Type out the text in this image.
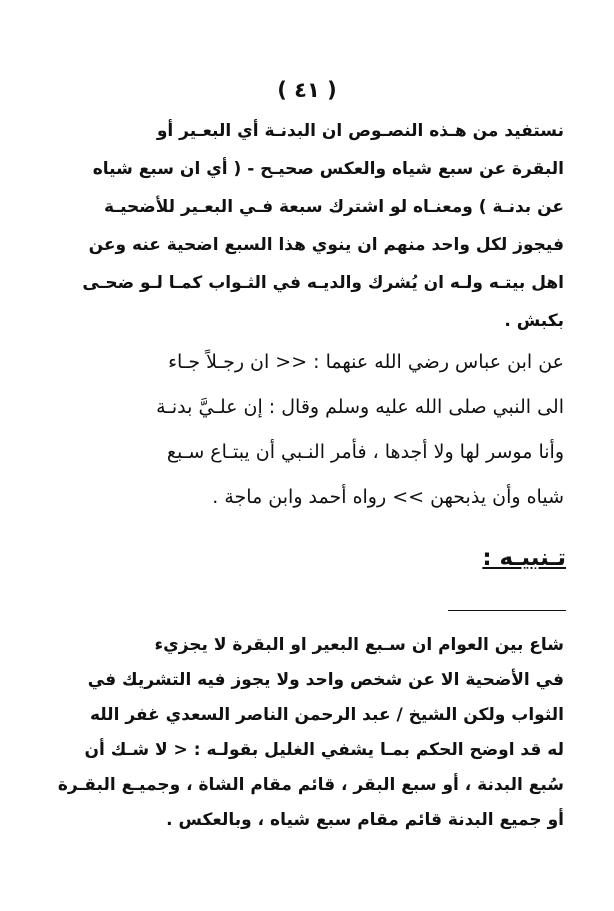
( ٤١ )
نستفيد من هـذه النصـوص ان البدنـة أي البعـير أو
البقرة عن سبع شياه والعكس صحيـح - ( أي ان سبع شياه
عن بدنـة ) ومعنـاه لو اشترك سبعة فـي البعـير للأضحيـة
فيجوز لكل واحد منهم ان ينوي هذا السبع اضحية عنه وعن
اهل بيتـه ولـه ان يُشرك والديـه في الثـواب كمـا لـو ضحـى
بكبش .
عن ابن عباس رضي الله عنهما : << ان رجـلاً جـاء
الى النبي صلى الله عليه وسلم وقال : إن علـيَّ بدنـة
وأنا موسر لها ولا أجدها ، فأمر النـبي أن يبتـاع سـبع
شياه وأن يذبحهن >> رواه أحمد وابن ماجة .
تـنبيـه :
شاع بين العوام ان سـبع البعير او البقرة لا يجزيء
في الأضحية الا عن شخص واحد ولا يجوز فيه التشريك في
الثواب ولكن الشيخ / عبد الرحمن الناصر السعدي غفر الله
له قد اوضح الحكم بمـا يشفي الغليل بقولـه : < لا شـك أن
سُبع البدنة ، أو سبع البقر ، قائم مقام الشاة ، وجميـع البقـرة
أو جميع البدنة قائم مقام سبع شياه ، وبالعكس .
